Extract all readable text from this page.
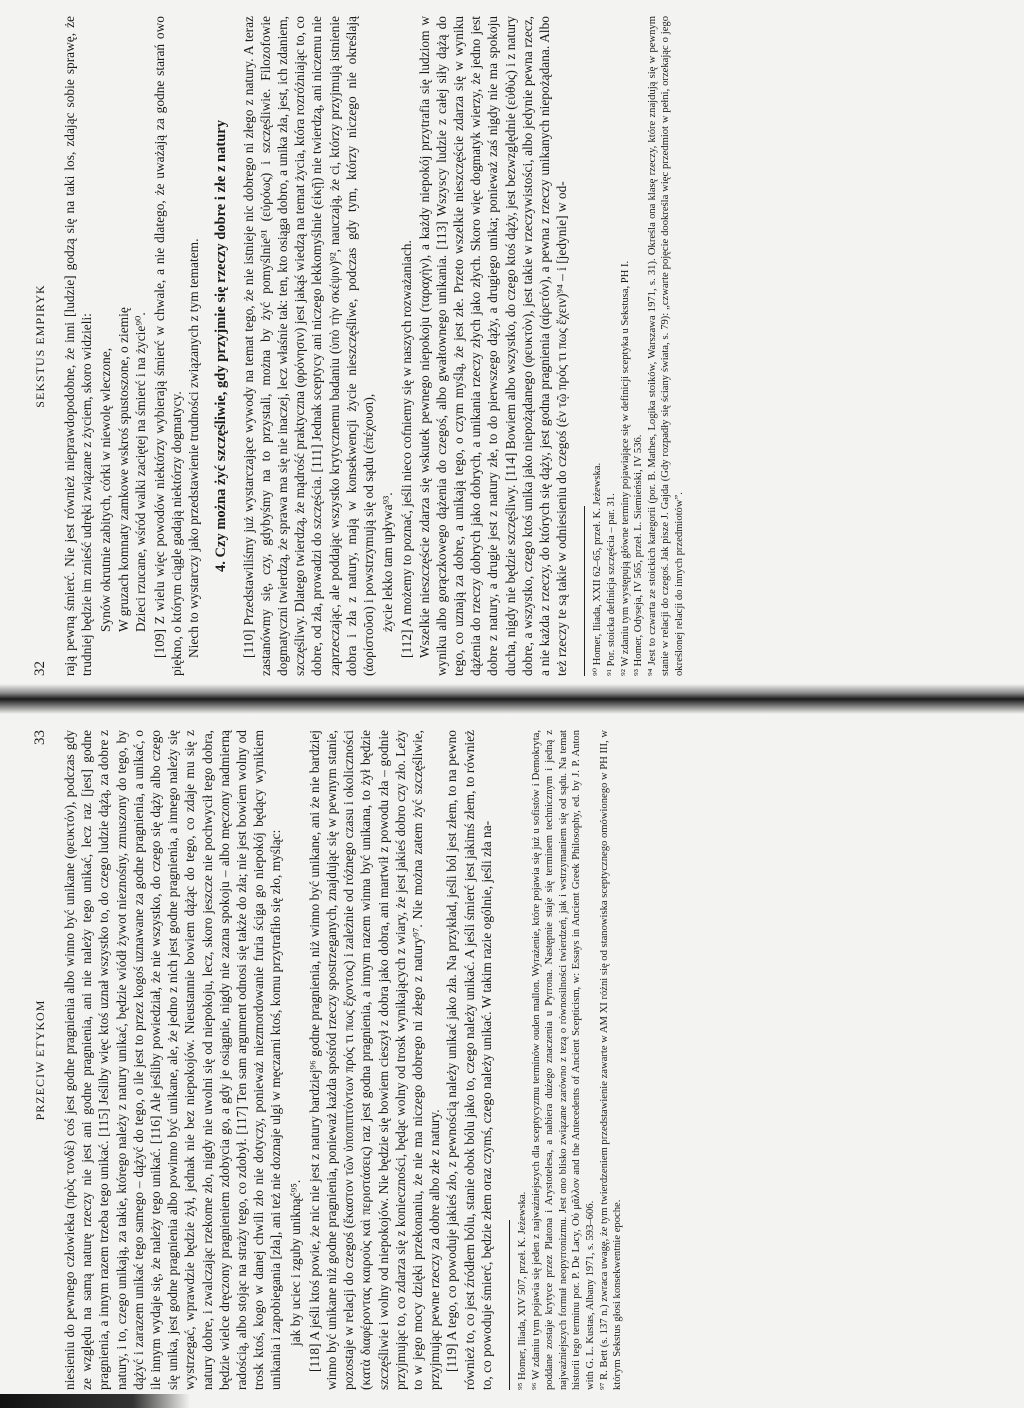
32
SEKSTUS EMPIRYK rają pewną śmierć. Nie jest również nieprawdopodobne, że inni [ludzie] godzą się na taki los, zdając sobie sprawę, że trudniej będzie im znieść udręki związane z życiem, skoro widzieli: Synów okrutnie zabitych, córki w niewolę wleczone, W gruzach komnaty zamkowe wskroś spustoszone, o ziemię Dzieci rzucane, wśród walki zaciętej na śmierć i na życie⁹⁰. [109] Z wielu więc powodów niektórzy wybierają śmierć w chwale, a nie dlatego, że uważają za godne starań owo piękno, o którym ciągle gadają niektórzy dogmatycy. Niech to wystarczy jako przedstawienie trudności związanych z tym tematem. 4. Czy można żyć szczęśliwie, gdy przyjmie się rzeczy dobre i złe z natury [110] Przedstawiliśmy już wystarczające wywody na temat tego, że nie istnieje nic dobrego ni złego z natury. A teraz zastanówmy się, czy, gdybyśmy na to przystali, można by żyć pomyślnie⁹¹ (εὐρόως) i szczęśliwie. Filozofowie dogmatyczni twierdzą, że sprawa ma się nie inaczej, lecz właśnie tak: ten, kto osiąga dobro, a unika zła, jest, ich zdaniem, szczęśliwy. Dlatego twierdzą, że mądrość praktyczna (φρόνησιν) jest jakąś wiedzą na temat życia, która rozróżniając to, co dobre, od zła, prowadzi do szczęścia. [111] Jednak sceptycy ani niczego lekkomyślnie (εἰκῇ) nie twierdzą, ani niczemu nie zaprzeczając, ale poddając wszystko krytycznemu badaniu (ὑπὸ τὴν σκέψιν)⁹², nauczają, że ci, którzy przyjmują istnienie dobra i zła z natury, mają w konsekwencji życie nieszczęśliwe, podczas gdy tym, którzy niczego nie określają (ἀορίστοῦσι) i powstrzymują się od sądu (ἐπέχουσι), życie lekko tam upływa⁹³. [112] A możemy to poznać, jeśli nieco cofniemy się w naszych rozważaniach. Wszelkie nieszczęście zdarza się wskutek pewnego niepokoju (ταραχὴν), a każdy niepokój przytrafia się ludziom w wyniku albo gorączkowego dążenia do czegoś, albo gwałtownego unikania. [113] Wszyscy ludzie z całej siły dążą do tego, co uznają za dobre, a unikają tego, o czym myślą, że jest złe. Przeto wszelkie nieszczęście zdarza się w wyniku dążenia do rzeczy dobrych jako dobrych, a unikania rzeczy złych jako złych. Skoro więc dogmatyk wierzy, że jedno jest dobre z natury, a drugie jest z natury złe, to do pierwszego dąży, a drugiego unika; ponieważ zaś nigdy nie ma spokoju ducha, nigdy nie będzie szczęśliwy. [114] Bowiem albo wszystko, do czego ktoś dąży, jest bezwzględnie (εὐθὺς) i z natury dobre, a wszystko, czego ktoś unika jako niepożądanego (φευκτὸν), jest takie w rzeczywistości, albo jedynie pewna rzecz, a nie każda z rzeczy, do których się dąży, jest godna pragnienia (αἱρετόν), a pewna z rzeczy unikanych niepożądana. Albo też rzeczy te są takie w odniesieniu do czegoś (ἐν τῷ πρός τι πως ἔχειν)⁹⁴ – i [jedynie] w od- ⁹⁰ Homer, Iliada, XXII 62–65, przeł. K. Jeżewska. ⁹¹ Por. stoicka definicja szczęścia – par. 31. ⁹² W zdaniu tym występują główne terminy pojawiające się w definicji sceptyka u Sekstusa, PH I. ⁹³ Homer, Odyseja, IV 565, przeł. L. Siemieński, IV 536. ⁹⁴ Jest to czwarta ze stoickich kategorii (por. B. Mathes, Logika stoików, Warszawa 1971, s. 31). Określa ona klasę rzeczy, które znajdują się w pewnym stanie w relacji do czegoś. Jak pisze J. Gajda (Gdy rozpadły się ściany świata, s. 79): „czwarte pojęcie dookreśla więc przedmiot w pełni, orzekając o jego określonej relacji do innych przedmiotów”.
PRZECIW ETYKOM
33 niesieniu do pewnego człowieka (πρὸς τονδὲ) coś jest godne pragnienia albo winno być unikane (φευκτόν), podczas gdy ze względu na samą naturę rzeczy nie jest ani godne pragnienia, ani nie należy tego unikać, lecz raz [jest] godne pragnienia, a innym razem trzeba tego unikać. [115] Jeśliby więc ktoś uznał wszystko to, do czego ludzie dążą, za dobre z natury, i to, czego unikają, za takie, którego należy z natury unikać, będzie wiódł żywot nieznośny, zmuszony do tego, by dążyć i zarazem unikać tego samego – dążyć do tego, o ile jest to przez kogoś uznawane za godne pragnienia, a unikać, o ile innym wydaje się, że należy tego unikać. [116] Ale jeśliby powiedział, że nie wszystko, do czego się dąży albo czego się unika, jest godne pragnienia albo powinno być unikane, ale, że jedno z nich jest godne pragnienia, a innego należy się wystrzegać, wprawdzie będzie żył, jednak nie bez niepokojów. Nieustannie bowiem dążąc do tego, co zdaje mu się z natury dobre, i zwalczając rzekome zło, nigdy nie uwolni się od niepokoju, lecz, skoro jeszcze nie pochwycił tego dobra, będzie wielce dręczony pragnieniem zdobycia go, a gdy je osiągnie, nigdy nie zazna spokoju – albo męczony nadmierną radością, albo stojąc na straży tego, co zdobył. [117] Ten sam argument odnosi się także do zła; nie jest bowiem wolny od trosk ktoś, kogo w danej chwili zło nie dotyczy, ponieważ niezmordowanie furia ściga go niepokój będący wynikiem unikania i zapobiegania [zła], ani też nie doznaje ulgi w męczarni ktoś, komu przytrafiło się zło, myśląc: jak by uciec i zguby uniknąć⁹⁵. [118] A jeśli ktoś powie, że nic nie jest z natury bardziej⁹⁶ godne pragnienia, niż winno być unikane, ani że nie bardziej winno być unikane niż godne pragnienia, ponieważ każda spośród rzeczy spostrzeganych, znajdując się w pewnym stanie, pozostaje w relacji do czegoś (ἕκαστον τῶν ὑποπιπτόντων πρός τι πως ἔχοντος) i zależnie od różnego czasu i okoliczności (κατὰ διαφέροντας καιροὺς καὶ περιστάσεις) raz jest godna pragnienia, a innym razem winna być unikana, to żył będzie szczęśliwie i wolny od niepokojów. Nie będzie się bowiem cieszył z dobra jako dobra, ani martwił z powodu zła – godnie przyjmując to, co zdarza się z konieczności, będąc wolny od trosk wynikających z wiary, że jest jakieś dobro czy zło. Leży to w jego mocy dzięki przekonaniu, że nie ma niczego dobrego ni złego z natury⁹⁷. Nie można zatem żyć szczęśliwie, przyjmując pewne rzeczy za dobre albo złe z natury. [119] A tego, co powoduje jakieś zło, z pewnością należy unikać jako zła. Na przykład, jeśli ból jest złem, to na pewno również to, co jest źródłem bólu, stanie obok bólu jako to, czego należy unikać. A jeśli śmierć jest jakimś złem, to również to, co powoduje śmierć, będzie złem oraz czymś, czego należy unikać. W takim razie ogólnie, jeśli zła na- ⁹⁵ Homer, Iliada, XIV 507, przeł. K. Jeżewska. ⁹⁶ W zdaniu tym pojawia się jeden z najważniejszych dla sceptycyzmu terminów ouden mallon. Wyrażenie, które pojawia się już u sofistów i Demokryta, poddane zostaje krytyce przez Platona i Arystotelesa, a nabiera dużego znaczenia u Pyrrona. Następnie staje się terminem technicznym i jedną z najważniejszych formuł neopyrronizmu. Jest ono blisko związane zarówno z tezą o równosilności twierdzeń, jak i wstrzymaniem się od sądu. Na temat historii tego terminu por. P. De Lacy, Οὐ μᾶλλον and the Antecedents of Ancient Scepticism, w: Essays in Ancient Greek Philosophy, ed. by J. P. Anton with G. L. Kustas, Albany 1971, s. 593–606. ⁹⁷ R. Bett (s. 137 n.) zwraca uwagę, że tym twierdzeniem przedstawienie zawarte w AM XI różni się od stanowiska sceptycznego omówionego w PH III, w którym Sekstus głosi konsekwentnie epoche.
